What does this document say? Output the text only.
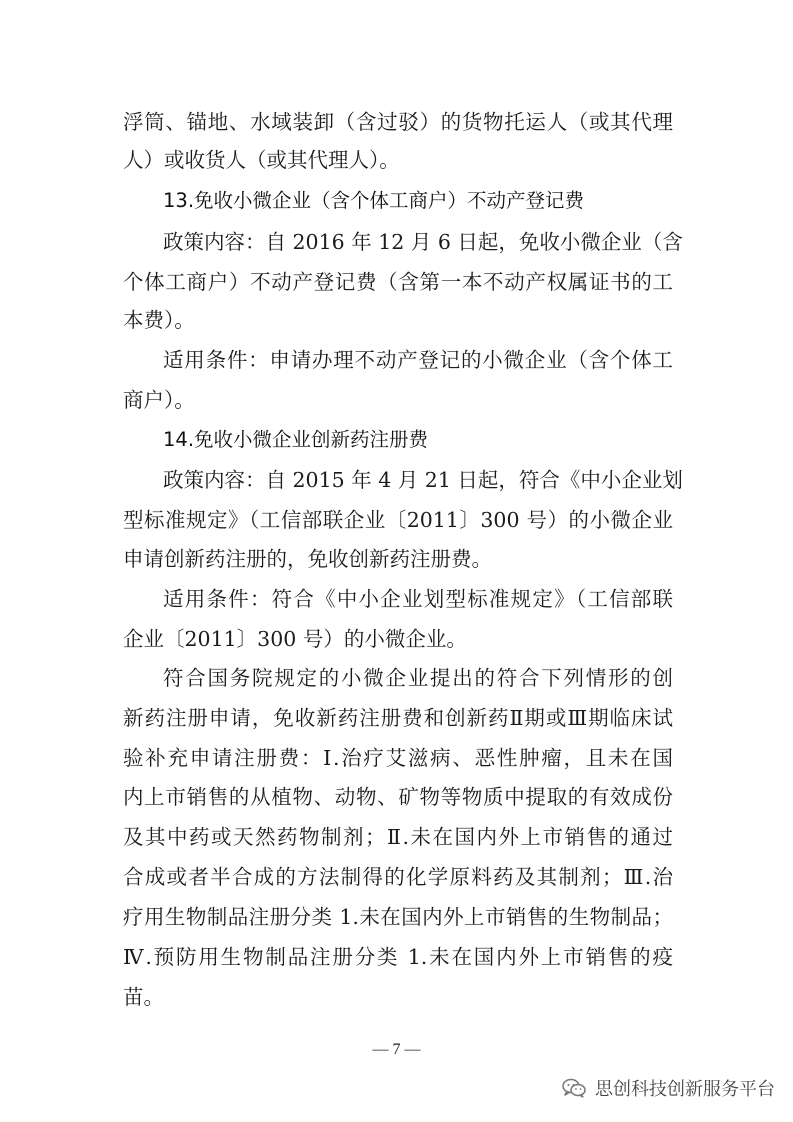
浮筒、锚地、水域装卸（含过驳）的货物托运人（或其代理
人）或收货人（或其代理人）。
13.免收小微企业（含个体工商户）不动产登记费
政策内容：自 2016 年 12 月 6 日起，免收小微企业（含
个体工商户）不动产登记费（含第一本不动产权属证书的工
本费）。
适用条件：申请办理不动产登记的小微企业（含个体工
商户）。
14.免收小微企业创新药注册费
政策内容：自 2015 年 4 月 21 日起，符合《中小企业划
型标准规定》（工信部联企业〔2011〕300 号）的小微企业
申请创新药注册的，免收创新药注册费。
适用条件：符合《中小企业划型标准规定》（工信部联
企业〔2011〕300 号）的小微企业。
符合国务院规定的小微企业提出的符合下列情形的创
新药注册申请，免收新药注册费和创新药Ⅱ期或Ⅲ期临床试
验补充申请注册费：Ⅰ.治疗艾滋病、恶性肿瘤，且未在国
内上市销售的从植物、动物、矿物等物质中提取的有效成份
及其中药或天然药物制剂；Ⅱ.未在国内外上市销售的通过
合成或者半合成的方法制得的化学原料药及其制剂；Ⅲ.治
疗用生物制品注册分类 1.未在国内外上市销售的生物制品；
Ⅳ.预防用生物制品注册分类 1.未在国内外上市销售的疫
苗。
— 7 —
思创科技创新服务平台
